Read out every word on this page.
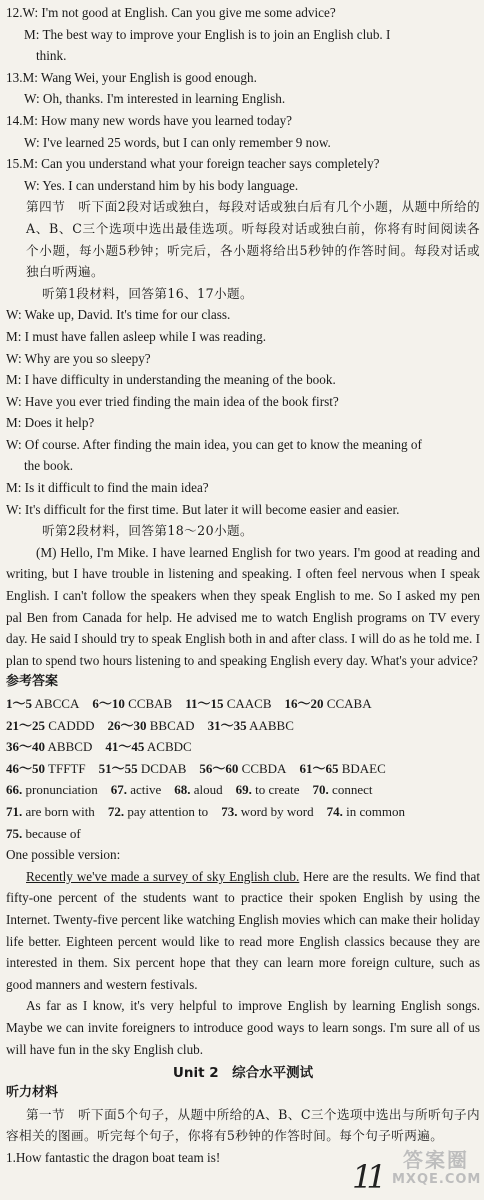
12.W: I'm not good at English. Can you give me some advice?
M: The best way to improve your English is to join an English club. I
think.
13.M: Wang Wei, your English is good enough.
W: Oh, thanks. I'm interested in learning English.
14.M: How many new words have you learned today?
W: I've learned 25 words, but I can only remember 9 now.
15.M: Can you understand what your foreign teacher says completely?
W: Yes. I can understand him by his body language.
第四节　听下面2段对话或独白，每段对话或独白后有几个小题，从题中所给的A、B、C三个选项中选出最佳选项。听每段对话或独白前，你将有时间阅读各个小题，每小题5秒钟；听完后，各小题将给出5秒钟的作答时间。每段对话或独白听两遍。
听第1段材料，回答第16、17小题。
W: Wake up, David. It's time for our class.
M: I must have fallen asleep while I was reading.
W: Why are you so sleepy?
M: I have difficulty in understanding the meaning of the book.
W: Have you ever tried finding the main idea of the book first?
M: Does it help?
W: Of course. After finding the main idea, you can get to know the meaning of
the book.
M: Is it difficult to find the main idea?
W: It's difficult for the first time. But later it will become easier and easier.
听第2段材料，回答第18～20小题。
(M) Hello, I'm Mike. I have learned English for two years. I'm good at reading and writing, but I have trouble in listening and speaking. I often feel nervous when I speak English. I can't follow the speakers when they speak English to me. So I asked my pen pal Ben from Canada for help. He advised me to watch English programs on TV every day. He said I should try to speak English both in and after class. I will do as he told me. I plan to spend two hours listening to and speaking English every day. What's your advice?
参考答案
1～5 ABCCA  6～10 CCBAB  11～15 CAACB  16～20 CCABA
21～25 CADDD  26～30 BBCAD  31～35 AABBC
36～40 ABBCD  41～45 ACBDC
46～50 TFFTF  51～55 DCDAB  56～60 CCBDA  61～65 BDAEC
66. pronunciation  67. active  68. aloud  69. to create  70. connect
71. are born with  72. pay attention to  73. word by word  74. in common
75. because of
One possible version:
Recently we've made a survey of sky English club. Here are the results. We find that fifty-one percent of the students want to practice their spoken English by using the Internet. Twenty-five percent like watching English movies which can make their holiday life better. Eighteen percent would like to read more English classics because they are interested in them. Six percent hope that they can learn more foreign culture, such as good manners and western festivals.
As far as I know, it's very helpful to improve English by learning English songs. Maybe we can invite foreigners to introduce good ways to learn songs. I'm sure all of us will have fun in the sky English club.
Unit 2　综合水平测试
听力材料
第一节　听下面5个句子，从题中所给的A、B、C三个选项中选出与所听句子内容相关的图画。听完每个句子，你将有5秒钟的作答时间。每个句子听两遍。
1.How fantastic the dragon boat team is!
11	答案圈
MXQE.COM
